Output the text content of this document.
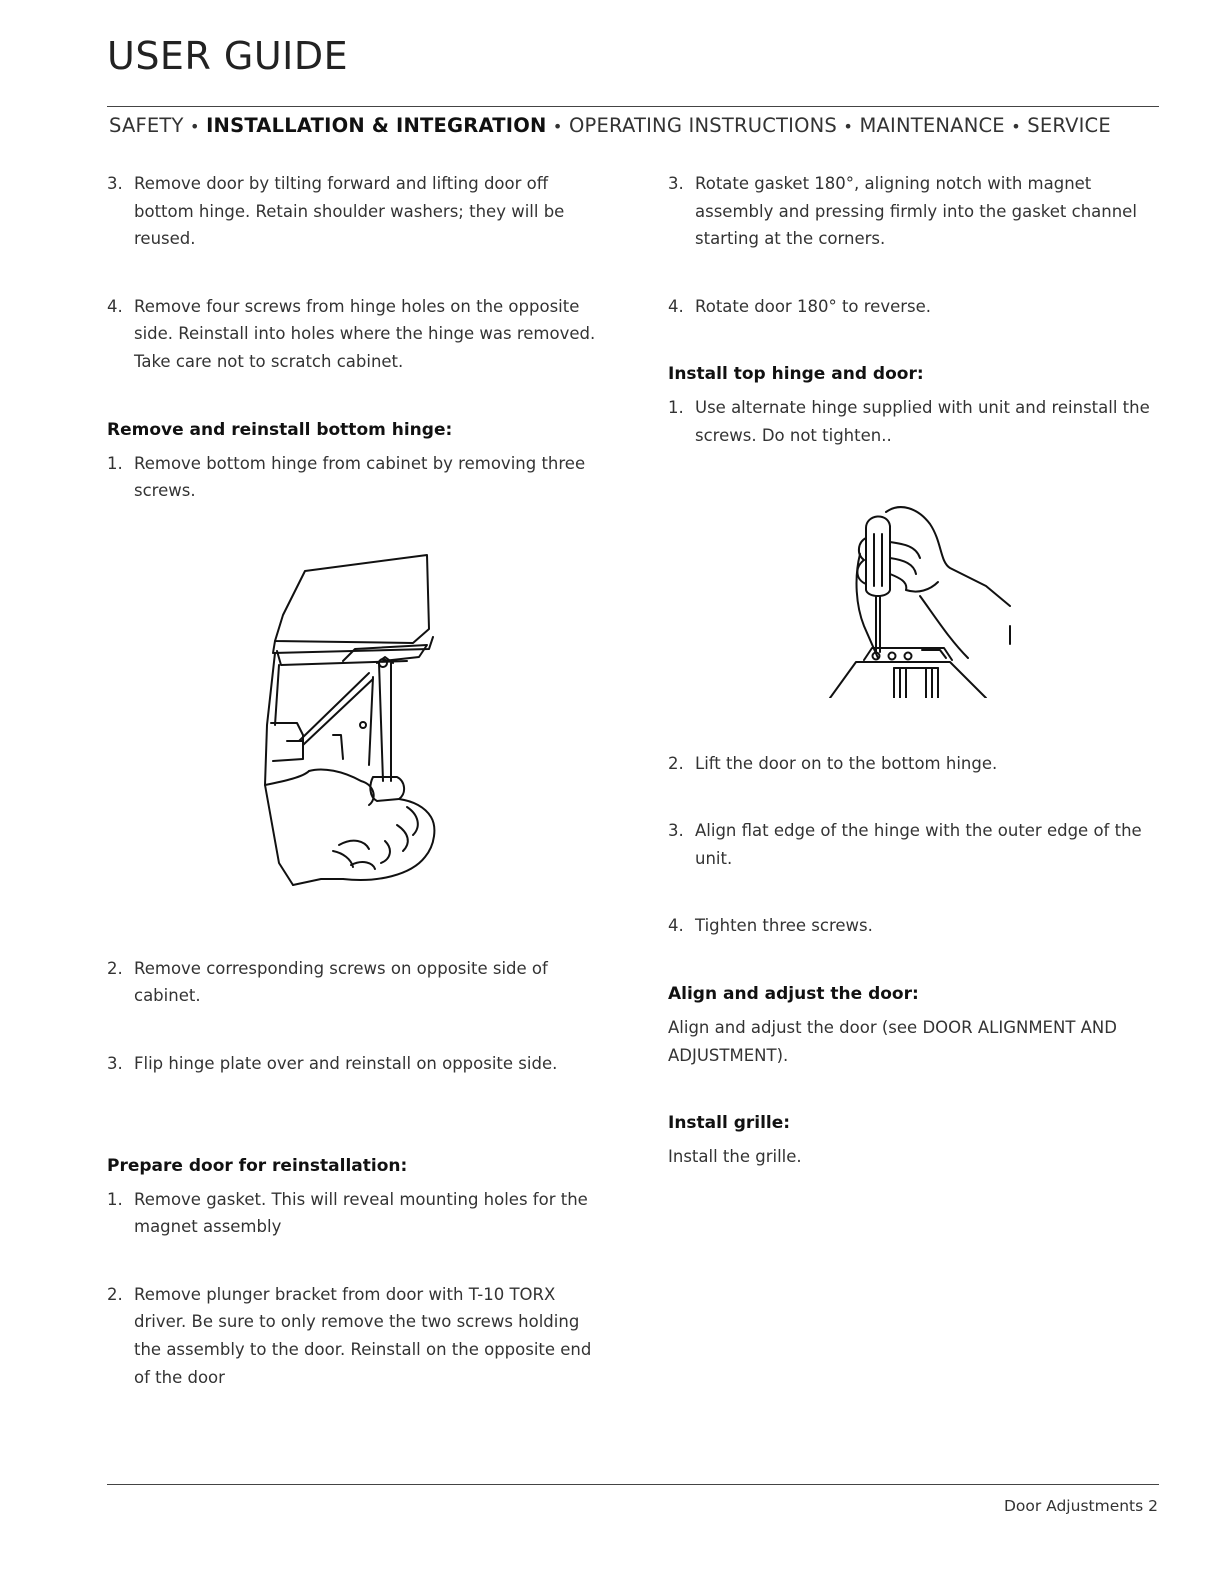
USER GUIDE
SAFETY • INSTALLATION & INTEGRATION • OPERATING INSTRUCTIONS • MAINTENANCE • SERVICE
3. Remove door by tilting forward and lifting door off bottom hinge. Retain shoulder washers; they will be reused.
4. Remove four screws from hinge holes on the opposite side. Reinstall into holes where the hinge was removed. Take care not to scratch cabinet.
Remove and reinstall bottom hinge:
1. Remove bottom hinge from cabinet by removing three screws.
2. Remove corresponding screws on opposite side of cabinet.
3. Flip hinge plate over and reinstall on opposite side.
Prepare door for reinstallation:
1. Remove gasket. This will reveal mounting holes for the magnet assembly
2. Remove plunger bracket from door with T-10 TORX driver. Be sure to only remove the two screws holding the assembly to the door. Reinstall on the opposite end of the door
3. Rotate gasket 180°, aligning notch with magnet assembly and pressing firmly into the gasket channel starting at the corners.
4. Rotate door 180° to reverse.
Install top hinge and door:
1. Use alternate hinge supplied with unit and reinstall the screws. Do not tighten..
2. Lift the door on to the bottom hinge.
3. Align flat edge of the hinge with the outer edge of the unit.
4. Tighten three screws.
Align and adjust the door:
Align and adjust the door (see DOOR ALIGNMENT AND ADJUSTMENT).
Install grille:
Install the grille.
Door Adjustments 2
